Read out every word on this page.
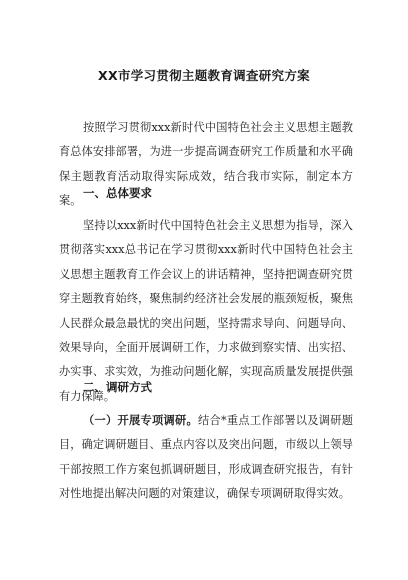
XX市学习贯彻主题教育调查研究方案

按照学习贯彻xxx新时代中国特色社会主义思想主题教育总体安排部署，为进一步提高调查研究工作质量和水平确保主题教育活动取得实际成效，结合我市实际，制定本方案。

一、总体要求

坚持以xxx新时代中国特色社会主义思想为指导，深入贯彻落实xxx总书记在学习贯彻xxx新时代中国特色社会主义思想主题教育工作会议上的讲话精神，坚持把调查研究贯穿主题教育始终，聚焦制约经济社会发展的瓶颈短板，聚焦人民群众最急最忧的突出问题，坚持需求导向、问题导向、效果导向，全面开展调研工作，力求做到察实情、出实招、办实事、求实效，为推动问题化解，实现高质量发展提供强有力保障。

二、调研方式

（一）开展专项调研。结合*重点工作部署以及调研题目，确定调研题目、重点内容以及突出问题，市级以上领导干部按照工作方案包抓调研题目，形成调查研究报告，有针对性地提出解决问题的对策建议，确保专项调研取得实效。
